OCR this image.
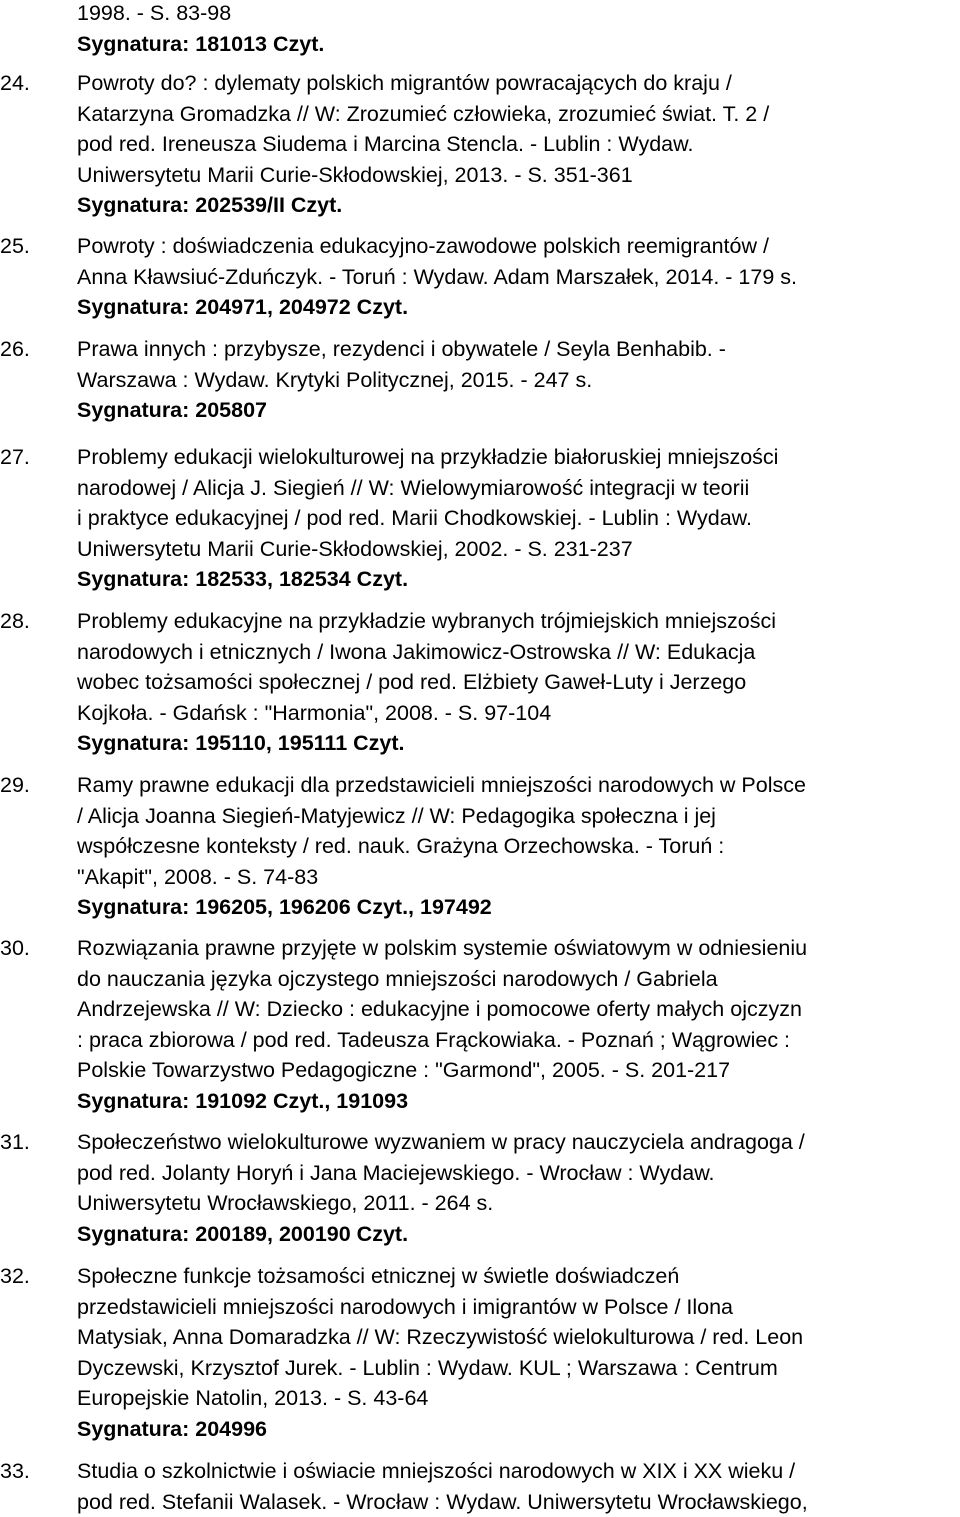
1998. - S. 83-98
Sygnatura: 181013 Czyt.
24.	Powroty do? : dylematy polskich migrantów powracających do kraju /
Katarzyna Gromadzka // W: Zrozumieć człowieka, zrozumieć świat. T. 2 /
pod red. Ireneusza Siudema i Marcina Stencla. - Lublin : Wydaw.
Uniwersytetu Marii Curie-Skłodowskiej, 2013. - S. 351-361
Sygnatura: 202539/II Czyt.
25.	Powroty : doświadczenia edukacyjno-zawodowe polskich reemigrantów /
Anna Kławsiuć-Zduńczyk. - Toruń : Wydaw. Adam Marszałek, 2014. - 179 s.
Sygnatura: 204971, 204972 Czyt.
26.	Prawa innych : przybysze, rezydenci i obywatele / Seyla Benhabib. -
Warszawa : Wydaw. Krytyki Politycznej, 2015. - 247 s.
Sygnatura: 205807
27.	Problemy edukacji wielokulturowej na przykładzie białoruskiej mniejszości
narodowej / Alicja J. Siegień // W: Wielowymiarowość integracji w teorii
i praktyce edukacyjnej / pod red. Marii Chodkowskiej. - Lublin : Wydaw.
Uniwersytetu Marii Curie-Skłodowskiej, 2002. - S. 231-237
Sygnatura: 182533, 182534 Czyt.
28.	Problemy edukacyjne na przykładzie wybranych trójmiejskich mniejszości
narodowych i etnicznych / Iwona Jakimowicz-Ostrowska // W: Edukacja
wobec tożsamości społecznej / pod red. Elżbiety Gaweł-Luty i Jerzego
Kojkoła. - Gdańsk : "Harmonia", 2008. - S. 97-104
Sygnatura: 195110, 195111 Czyt.
29.	Ramy prawne edukacji dla przedstawicieli mniejszości narodowych w Polsce
/ Alicja Joanna Siegień-Matyjewicz // W: Pedagogika społeczna i jej
współczesne konteksty / red. nauk. Grażyna Orzechowska. - Toruń :
"Akapit", 2008. - S. 74-83
Sygnatura: 196205, 196206 Czyt., 197492
30.	Rozwiązania prawne przyjęte w polskim systemie oświatowym w odniesieniu
do nauczania języka ojczystego mniejszości narodowych / Gabriela
Andrzejewska // W: Dziecko : edukacyjne i pomocowe oferty małych ojczyzn
: praca zbiorowa / pod red. Tadeusza Frąckowiaka. - Poznań ; Wągrowiec :
Polskie Towarzystwo Pedagogiczne : "Garmond", 2005. - S. 201-217
Sygnatura: 191092 Czyt., 191093
31.	Społeczeństwo wielokulturowe wyzwaniem w pracy nauczyciela andragoga /
pod red. Jolanty Horyń i Jana Maciejewskiego. - Wrocław : Wydaw.
Uniwersytetu Wrocławskiego, 2011. - 264 s.
Sygnatura: 200189, 200190 Czyt.
32.	Społeczne funkcje tożsamości etnicznej w świetle doświadczeń
przedstawicieli mniejszości narodowych i imigrantów w Polsce / Ilona
Matysiak, Anna Domaradzka // W: Rzeczywistość wielokulturowa / red. Leon
Dyczewski, Krzysztof Jurek. - Lublin : Wydaw. KUL ; Warszawa : Centrum
Europejskie Natolin, 2013. - S. 43-64
Sygnatura: 204996
33.	Studia o szkolnictwie i oświacie mniejszości narodowych w XIX i XX wieku /
pod red. Stefanii Walasek. - Wrocław : Wydaw. Uniwersytetu Wrocławskiego,
